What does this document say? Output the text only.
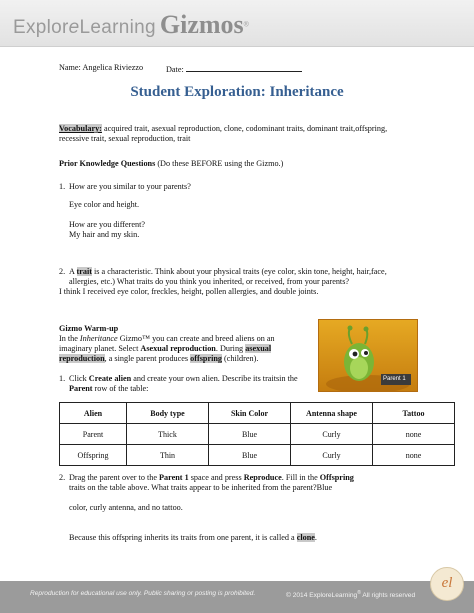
ExploreLearning Gizmos®
Name: Angelica Riviezzo	Date:
Student Exploration: Inheritance
Vocabulary: acquired trait, asexual reproduction, clone, codominant traits, dominant trait,offspring,
recessive trait, sexual reproduction, trait
Prior Knowledge Questions (Do these BEFORE using the Gizmo.)
1. How are you similar to your parents?
Eye color and height.
How are you different?
My hair and my skin.
2. A trait is a characteristic. Think about your physical traits (eye color, skin tone, height, hair,face,
allergies, etc.) What traits do you think you inherited, or received, from your parents?
I think I received eye color, freckles, height, pollen allergies, and double joints.
Gizmo Warm-up
In the Inheritance Gizmo™ you can create and breed aliens on an
imaginary planet. Select Asexual reproduction. During asexual
reproduction, a single parent produces offspring (children).
Parent 1
1. Click Create alien and create your own alien. Describe its traitsin the
Parent row of the table:
Alien	Body type	Skin Color	Antenna shape	Tattoo
Parent	Thick	Blue	Curly	none
Offspring	Thin	Blue	Curly	none
2. Drag the parent over to the Parent 1 space and press Reproduce. Fill in the Offspring
traits on the table above. What traits appear to be inherited from the parent?Blue
color, curly antenna, and no tattoo.
Because this offspring inherits its traits from one parent, it is called a clone.
Reproduction for educational use only. Public sharing or posting is prohibited.	© 2014 ExploreLearning® All rights reserved
el
